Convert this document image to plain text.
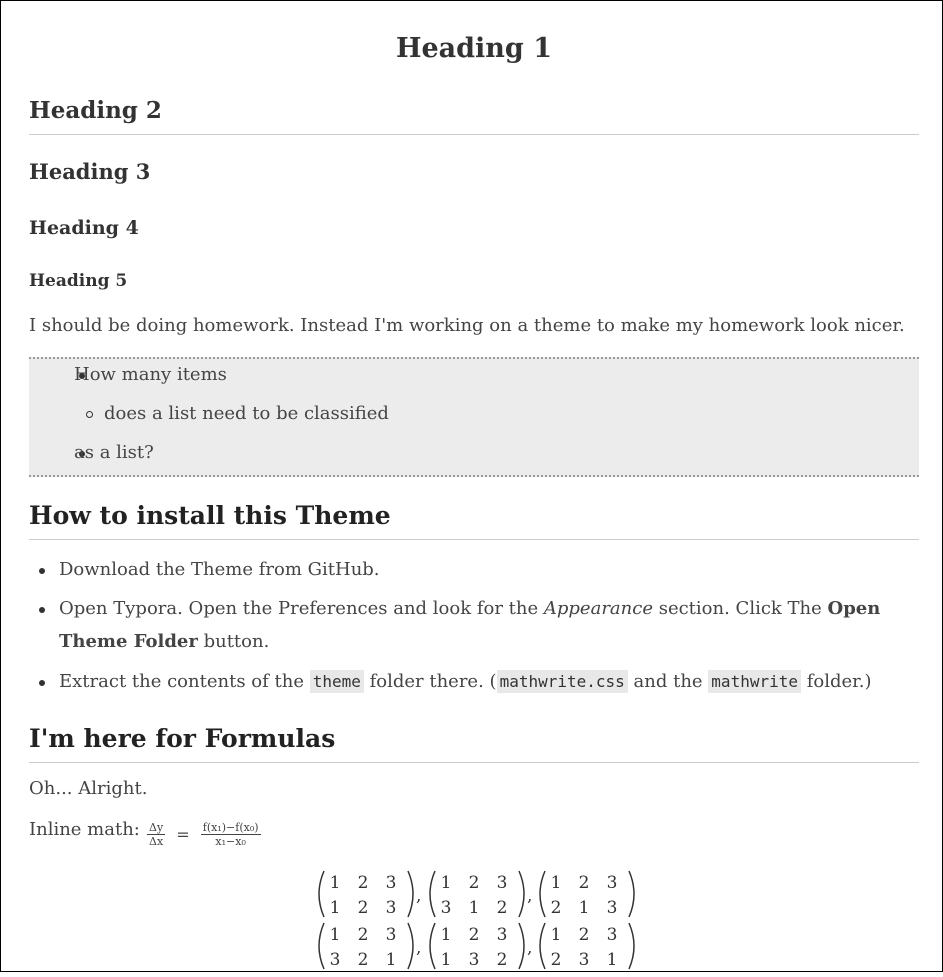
Heading 1
Heading 2
Heading 3
Heading 4
Heading 5

I should be doing homework. Instead I'm working on a theme to make my homework look nicer.

How many items
does a list need to be classified
as a list?
How to install this Theme
Download the Theme from GitHub.
Open Typora. Open the Preferences and look for the Appearance section. Click The Open
Theme Folder button.
Extract the contents of the theme folder there. ( mathwrite.css and the mathwrite folder.)
I'm here for Formulas

Oh... Alright.

Inline math: $\frac{\Delta y}{\Delta x} = \frac{\text{f(x₁)−f(x₀)}}{\text{x₁−x₀}}$
1 2 3
1 2 3
,
1 2 3
3 1 2
,
1 2 3
2 1 3
1 2 3
3 2 1
,
1 2 3
1 3 2
,
1 2 3
2 3 1
